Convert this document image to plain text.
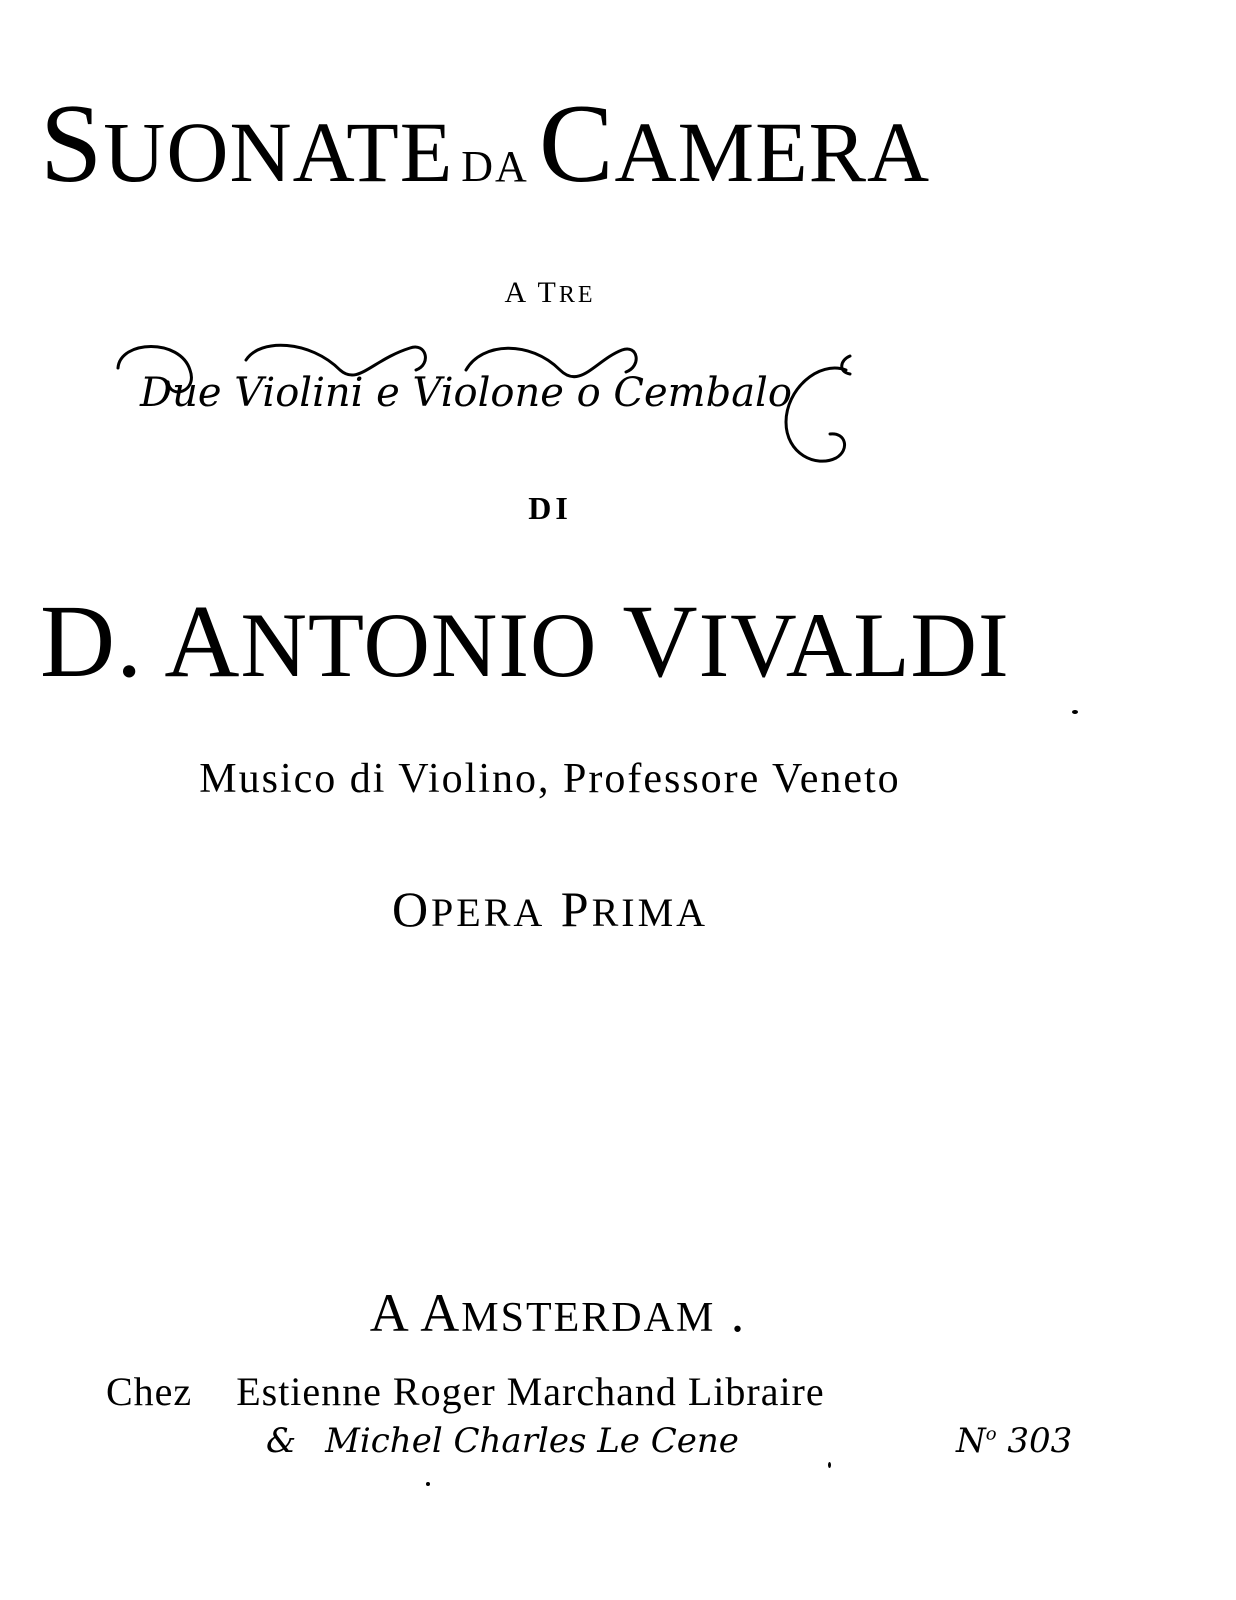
SUONATE DACAMERA
A TRE
Due Violini e Violone o Cembalo
DI
D. ANTONIO VIVALDI
Musico di Violino, Professore Veneto
OPERA PRIMA
A AMSTERDAM .
Chez Estienne Roger Marchand Libraire
& Michel Charles Le Cene	$N^o$ 303
